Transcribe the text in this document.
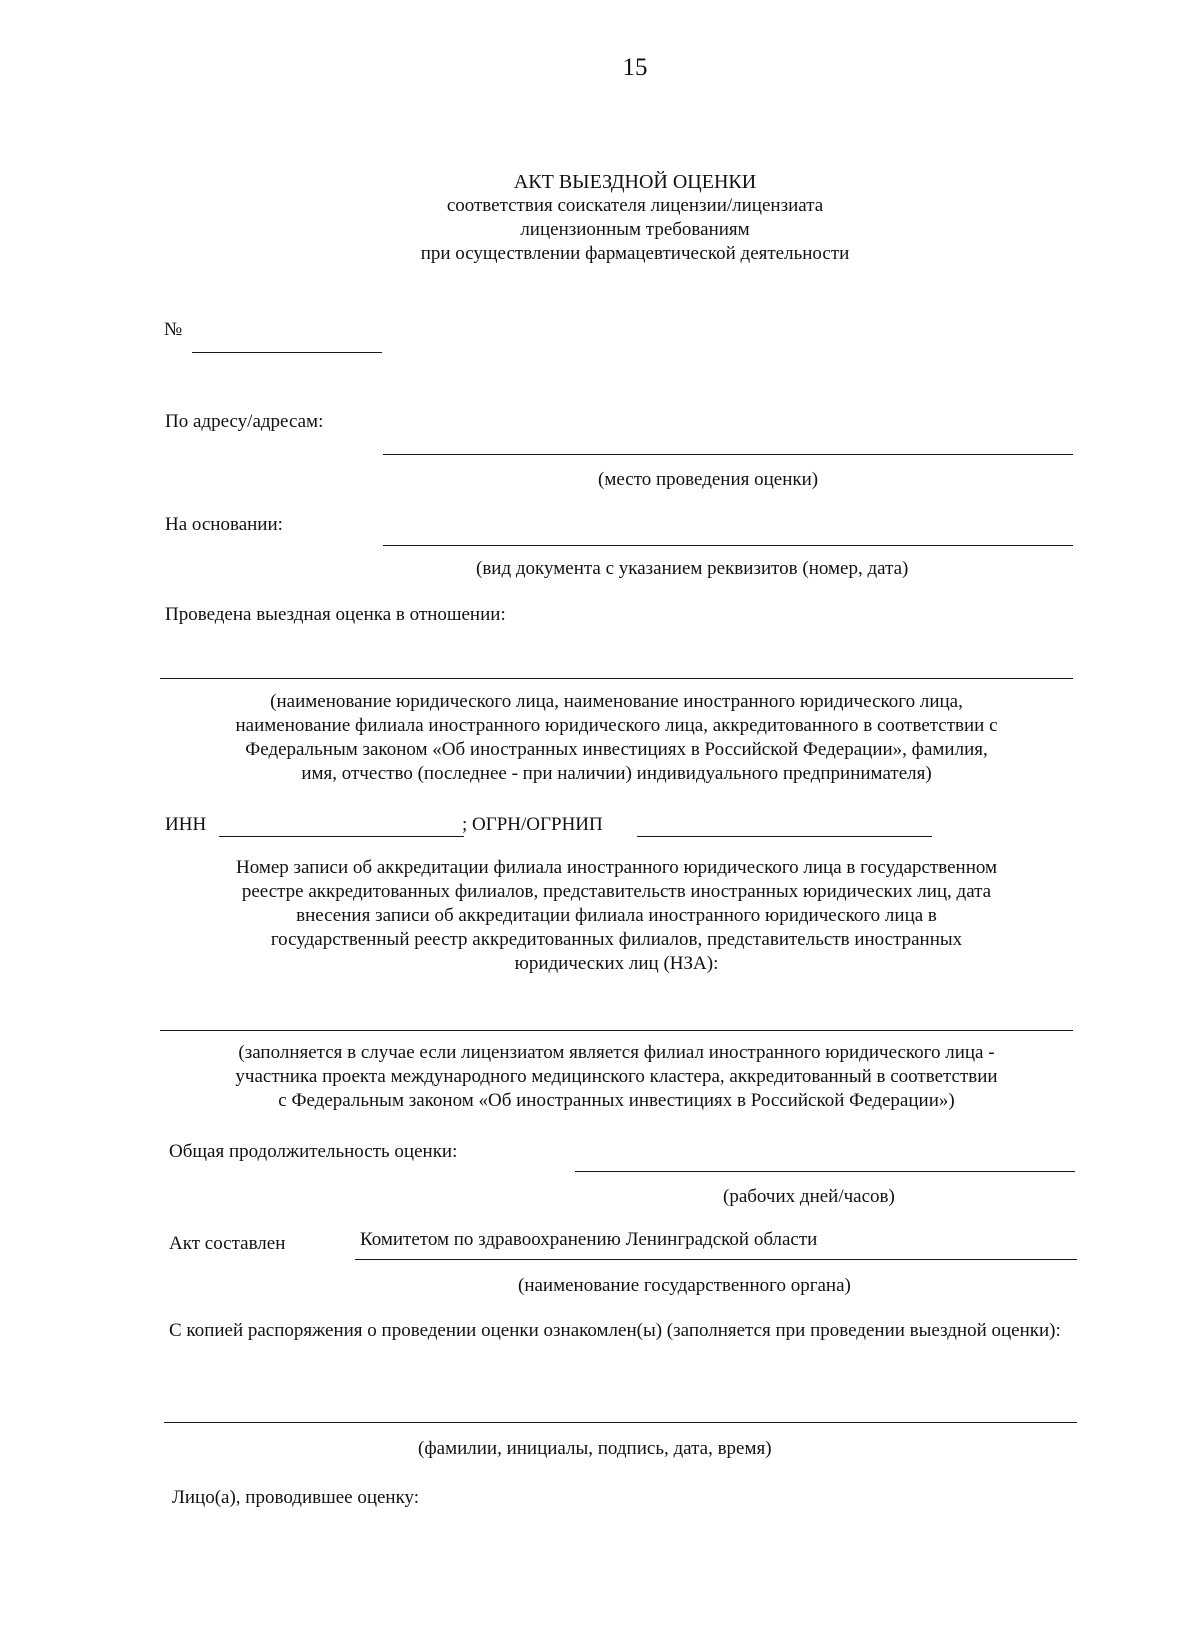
15
АКТ ВЫЕЗДНОЙ ОЦЕНКИ
соответствия соискателя лицензии/лицензиата
лицензионным требованиям
при осуществлении фармацевтической деятельности
№
По адресу/адресам:
(место проведения оценки)
На основании:
(вид документа с указанием реквизитов (номер, дата)
Проведена выездная оценка в отношении:
(наименование юридического лица, наименование иностранного юридического лица,
наименование филиала иностранного юридического лица, аккредитованного в соответствии с
Федеральным законом «Об иностранных инвестициях в Российской Федерации», фамилия,
имя, отчество (последнее - при наличии) индивидуального предпринимателя)
ИНН	; ОГРН/ОГРНИП
Номер записи об аккредитации филиала иностранного юридического лица в государственном
реестре аккредитованных филиалов, представительств иностранных юридических лиц, дата
внесения записи об аккредитации филиала иностранного юридического лица в
государственный реестр аккредитованных филиалов, представительств иностранных
юридических лиц (НЗА):
(заполняется в случае если лицензиатом является филиал иностранного юридического лица -
участника проекта международного медицинского кластера, аккредитованный в соответствии
с Федеральным законом «Об иностранных инвестициях в Российской Федерации»)
Общая продолжительность оценки:
(рабочих дней/часов)
Акт составлен	Комитетом по здравоохранению Ленинградской области
(наименование государственного органа)
С копией распоряжения о проведении оценки ознакомлен(ы) (заполняется при проведении выездной оценки):
(фамилии, инициалы, подпись, дата, время)
Лицо(а), проводившее оценку:
